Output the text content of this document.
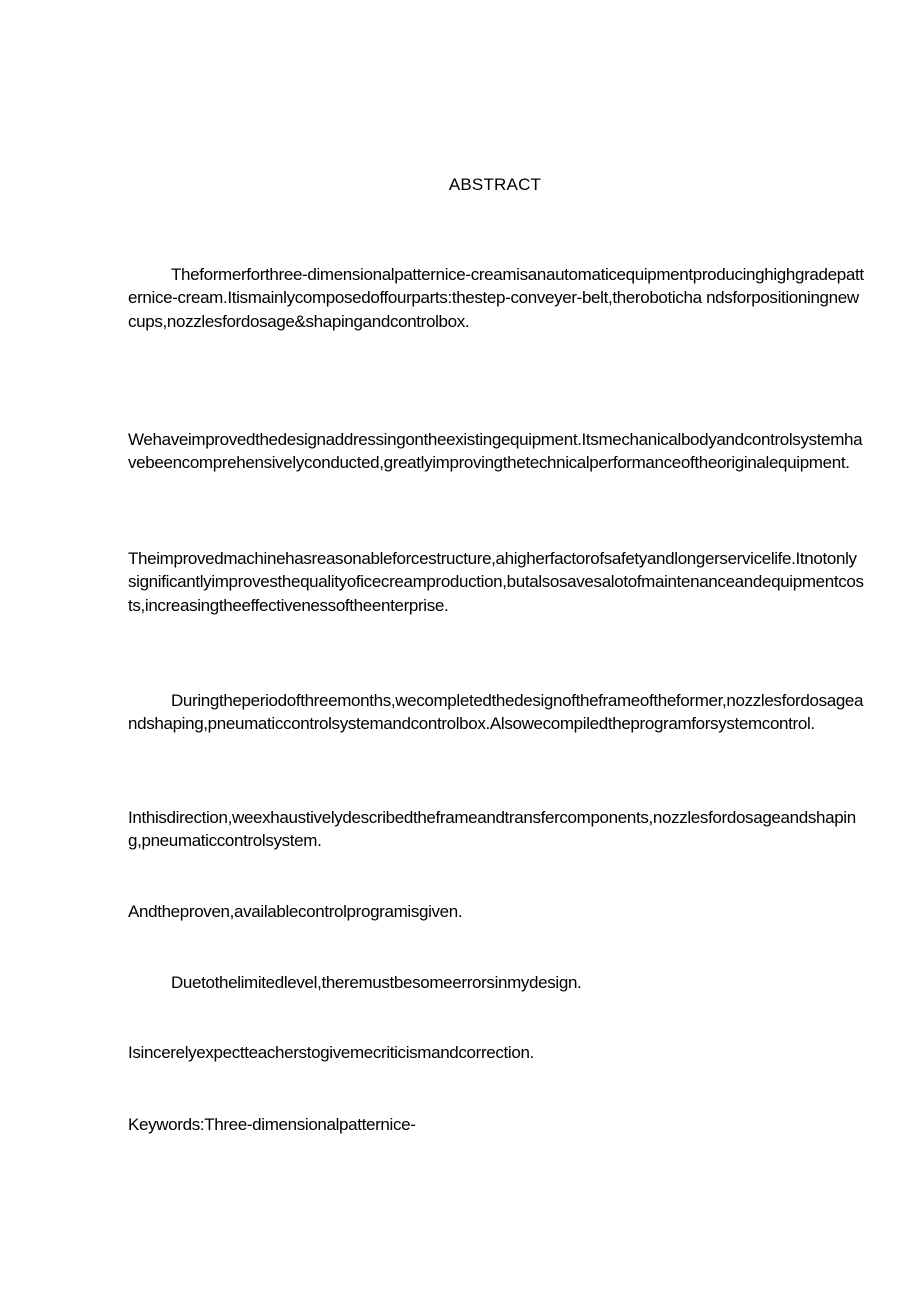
ABSTRACT

Theformerforthree-dimensionalpatternice-creamisanautomaticequipmentproducinghighgradepatternice-cream.Itismainlycomposedoffourparts:thestep-conveyer-belt,theroboticha ndsforpositioningnewcups,nozzlesfordosage&shapingandcontrolbox.

Wehaveimprovedthedesignaddressingontheexistingequipment.Itsmechanicalbodyandcontrolsystemhavebeencomprehensivelyconducted,greatlyimprovingthetechnicalperformanceoftheoriginalequipment.

Theimprovedmachinehasreasonableforcestructure,ahigherfactorofsafetyandlongerservicelife.Itnotonlysignificantlyimprovesthequalityoficecreamproduction,butalsosavesalotofmaintenanceandequipmentcosts,increasingtheeffectivenessoftheenterprise.

Duringtheperiodofthreemonths,wecompletedthedesignoftheframeoftheformer,nozzlesfordosageandshaping,pneumaticcontrolsystemandcontrolbox.Alsowecompiledtheprogramforsystemcontrol.

Inthisdirection,weexhaustivelydescribedtheframeandtransfercomponents,nozzlesfordosageandshaping,pneumaticcontrolsystem.

Andtheproven,availablecontrolprogramisgiven.

Duetothelimitedlevel,theremustbesomeerrorsinmydesign.

Isincerelyexpectteacherstogivemecriticismandcorrection.

Keywords:Three-dimensionalpatternice-
